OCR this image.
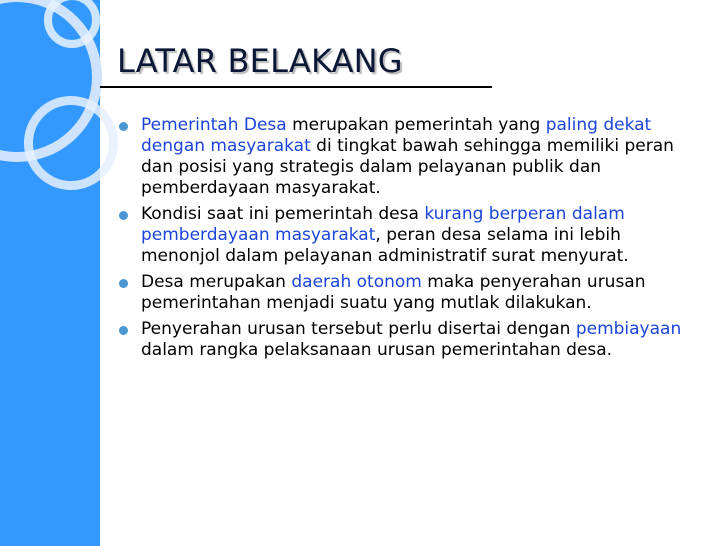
LATAR BELAKANG
Pemerintah Desa merupakan pemerintah yang paling dekat dengan masyarakat di tingkat bawah sehingga memiliki peran dan posisi yang strategis dalam pelayanan publik dan pemberdayaan masyarakat.
Kondisi saat ini pemerintah desa kurang berperan dalam pemberdayaan masyarakat, peran desa selama ini lebih menonjol dalam pelayanan administratif surat menyurat.
Desa merupakan daerah otonom maka penyerahan urusan pemerintahan menjadi suatu yang mutlak dilakukan.
Penyerahan urusan tersebut perlu disertai dengan pembiayaan dalam rangka pelaksanaan urusan pemerintahan desa.
